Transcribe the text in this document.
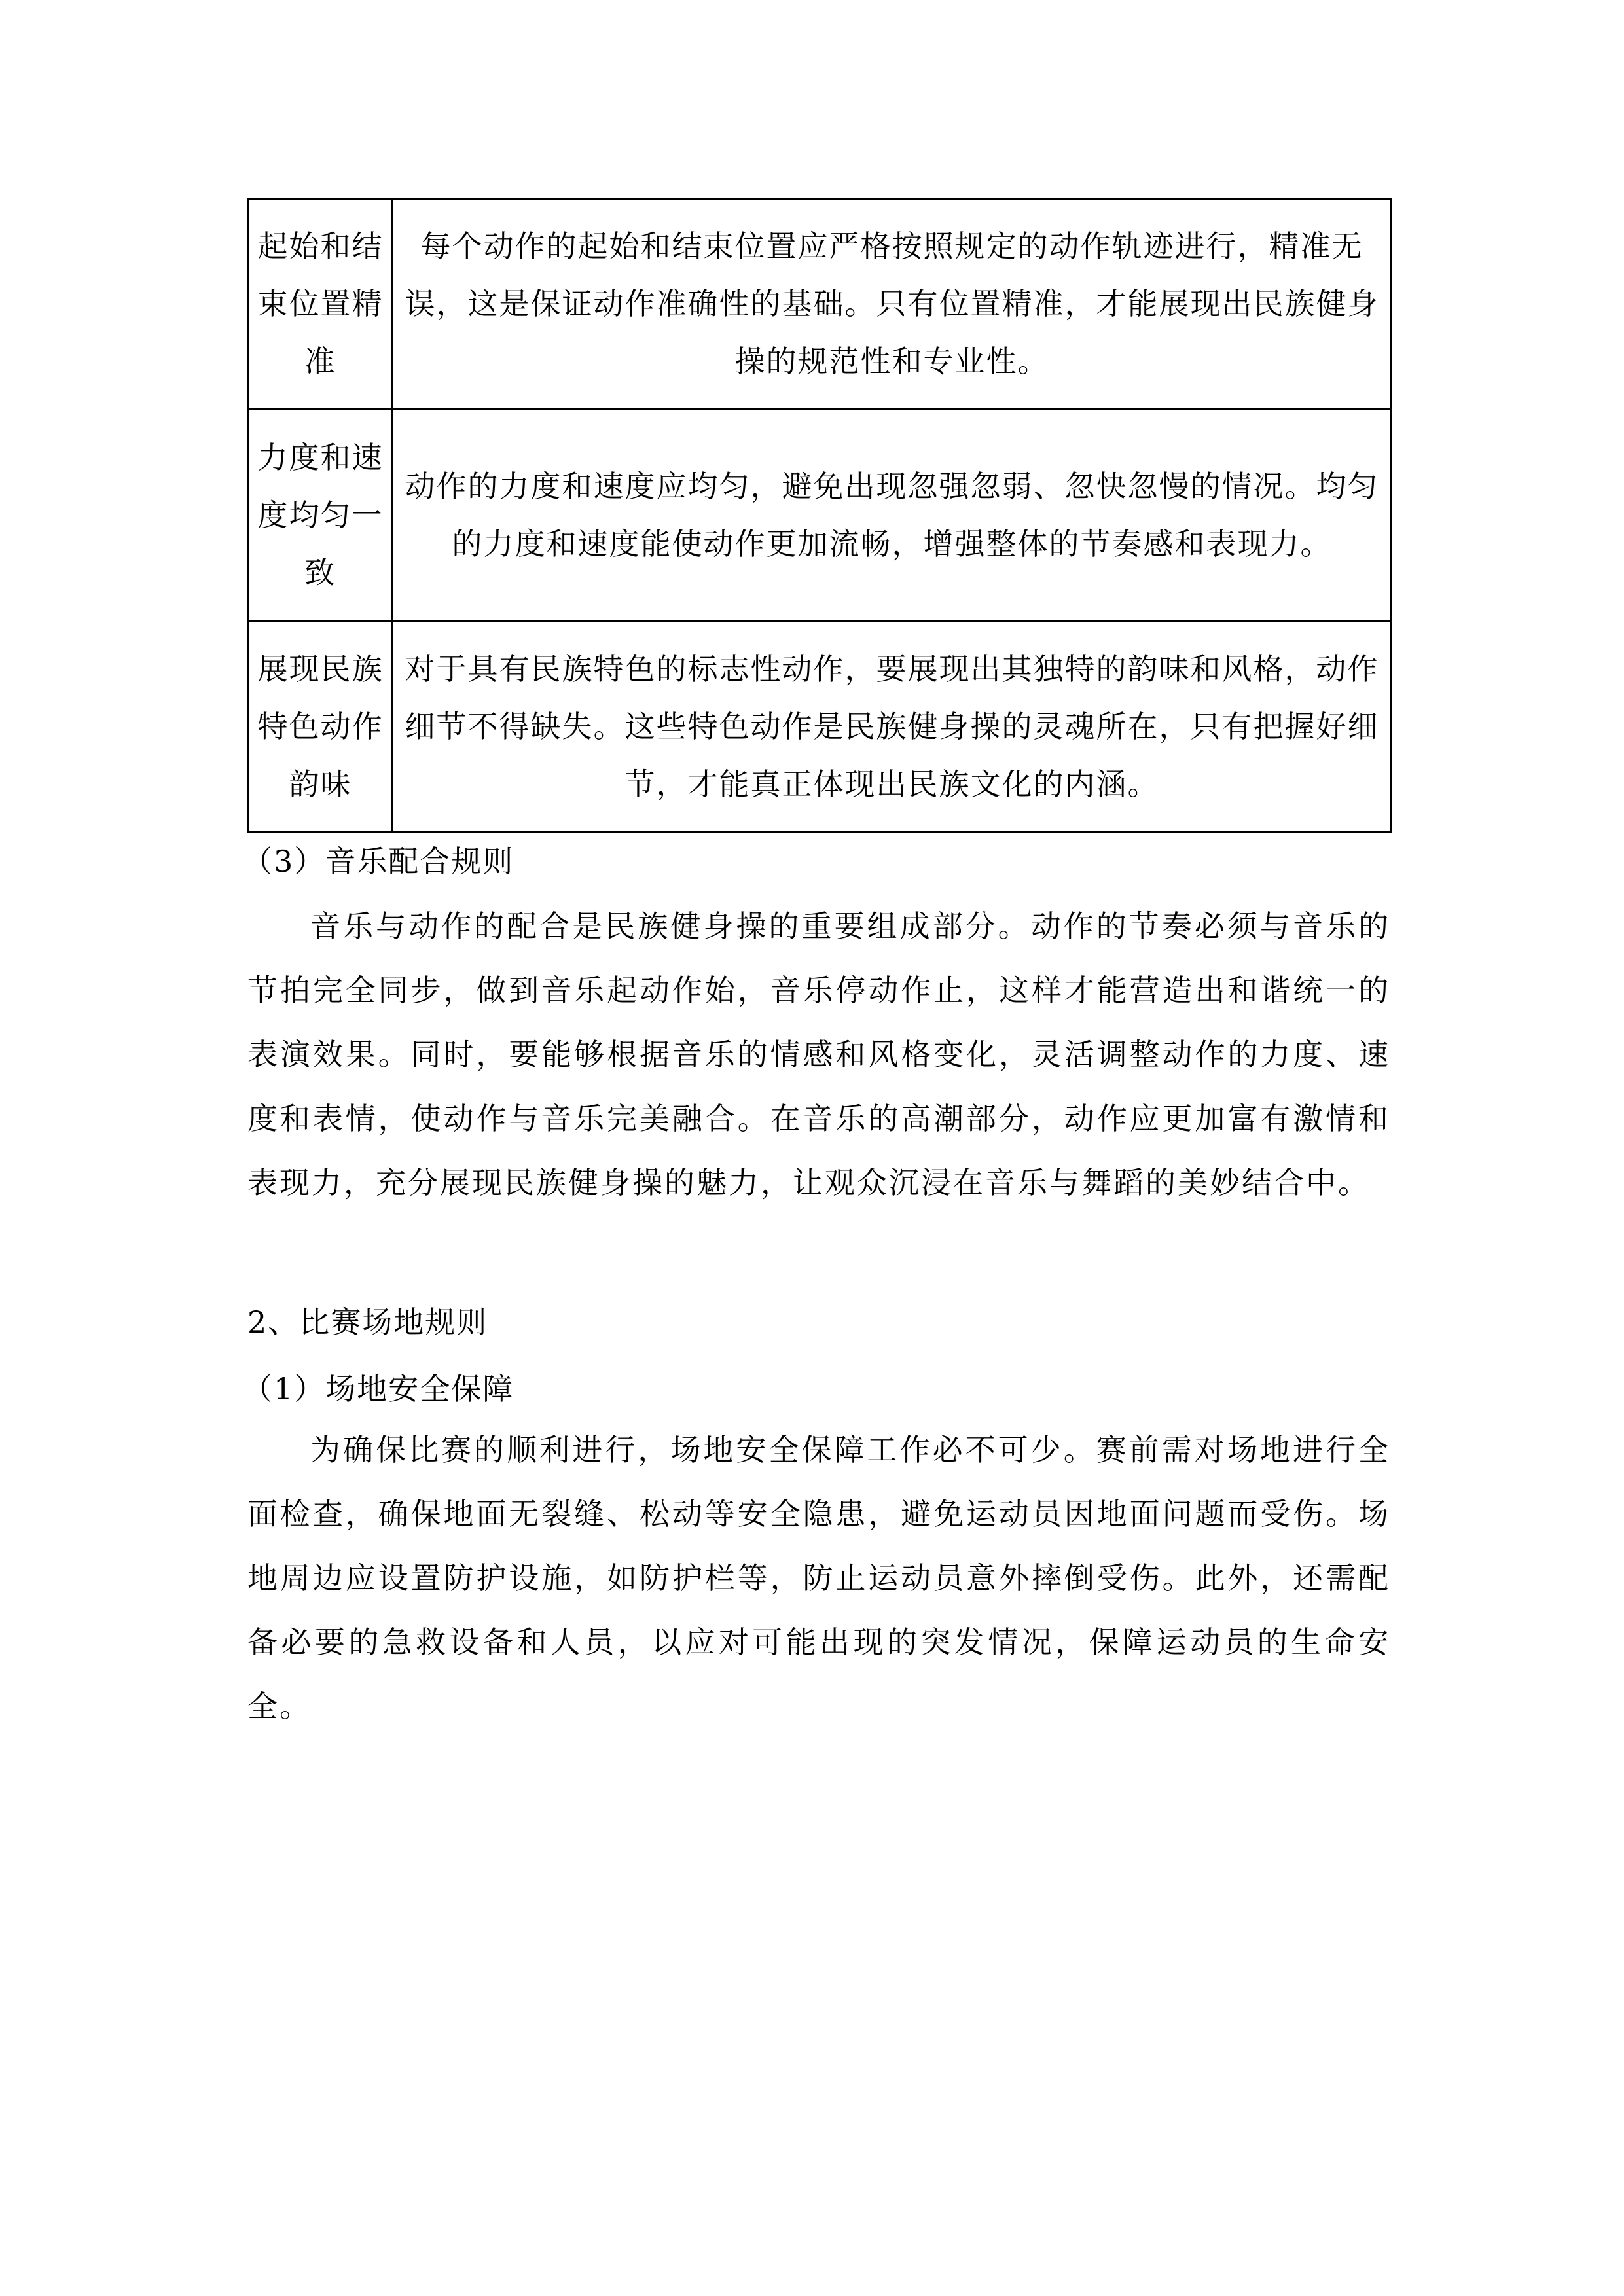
起始和结束位置精准	每个动作的起始和结束位置应严格按照规定的动作轨迹进行，精准无误，这是保证动作准确性的基础。只有位置精准，才能展现出民族健身操的规范性和专业性。
力度和速度均匀一致	动作的力度和速度应均匀，避免出现忽强忽弱、忽快忽慢的情况。均匀的力度和速度能使动作更加流畅，增强整体的节奏感和表现力。
展现民族特色动作韵味	对于具有民族特色的标志性动作，要展现出其独特的韵味和风格，动作细节不得缺失。这些特色动作是民族健身操的灵魂所在，只有把握好细节，才能真正体现出民族文化的内涵。
（3）音乐配合规则
音乐与动作的配合是民族健身操的重要组成部分。动作的节奏必须与音乐的节拍完全同步，做到音乐起动作始，音乐停动作止，这样才能营造出和谐统一的表演效果。同时，要能够根据音乐的情感和风格变化，灵活调整动作的力度、速度和表情，使动作与音乐完美融合。在音乐的高潮部分，动作应更加富有激情和表现力，充分展现民族健身操的魅力，让观众沉浸在音乐与舞蹈的美妙结合中。
2、比赛场地规则
（1）场地安全保障
为确保比赛的顺利进行，场地安全保障工作必不可少。赛前需对场地进行全面检查，确保地面无裂缝、松动等安全隐患，避免运动员因地面问题而受伤。场地周边应设置防护设施，如防护栏等，防止运动员意外摔倒受伤。此外，还需配备必要的急救设备和人员，以应对可能出现的突发情况，保障运动员的生命安全。
